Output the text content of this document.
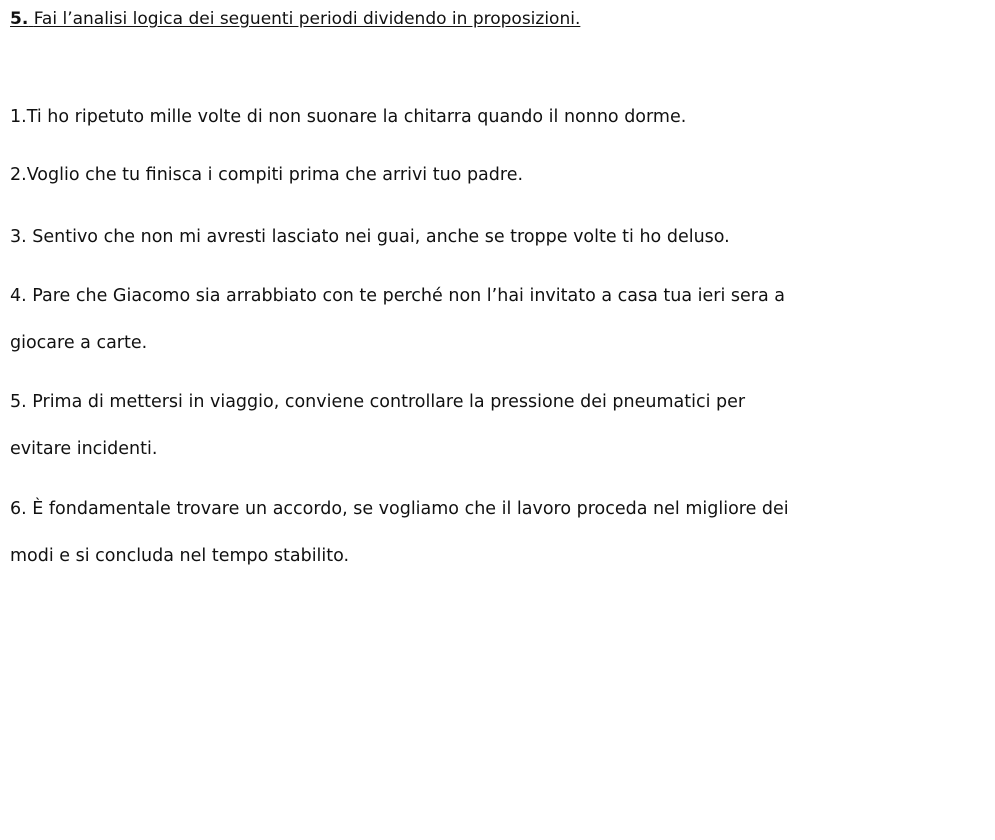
5. Fai l’analisi logica dei seguenti periodi dividendo in proposizioni.
1.Ti ho ripetuto mille volte di non suonare la chitarra quando il nonno dorme.
2.Voglio che tu finisca i compiti prima che arrivi tuo padre.
3. Sentivo che non mi avresti lasciato nei guai, anche se troppe volte ti ho deluso.
4. Pare che Giacomo sia arrabbiato con te perché non l’hai invitato a casa tua ieri sera a
giocare a carte.
5. Prima di mettersi in viaggio, conviene controllare la pressione dei pneumatici per
evitare incidenti.
6. È fondamentale trovare un accordo, se vogliamo che il lavoro proceda nel migliore dei
modi e si concluda nel tempo stabilito.
